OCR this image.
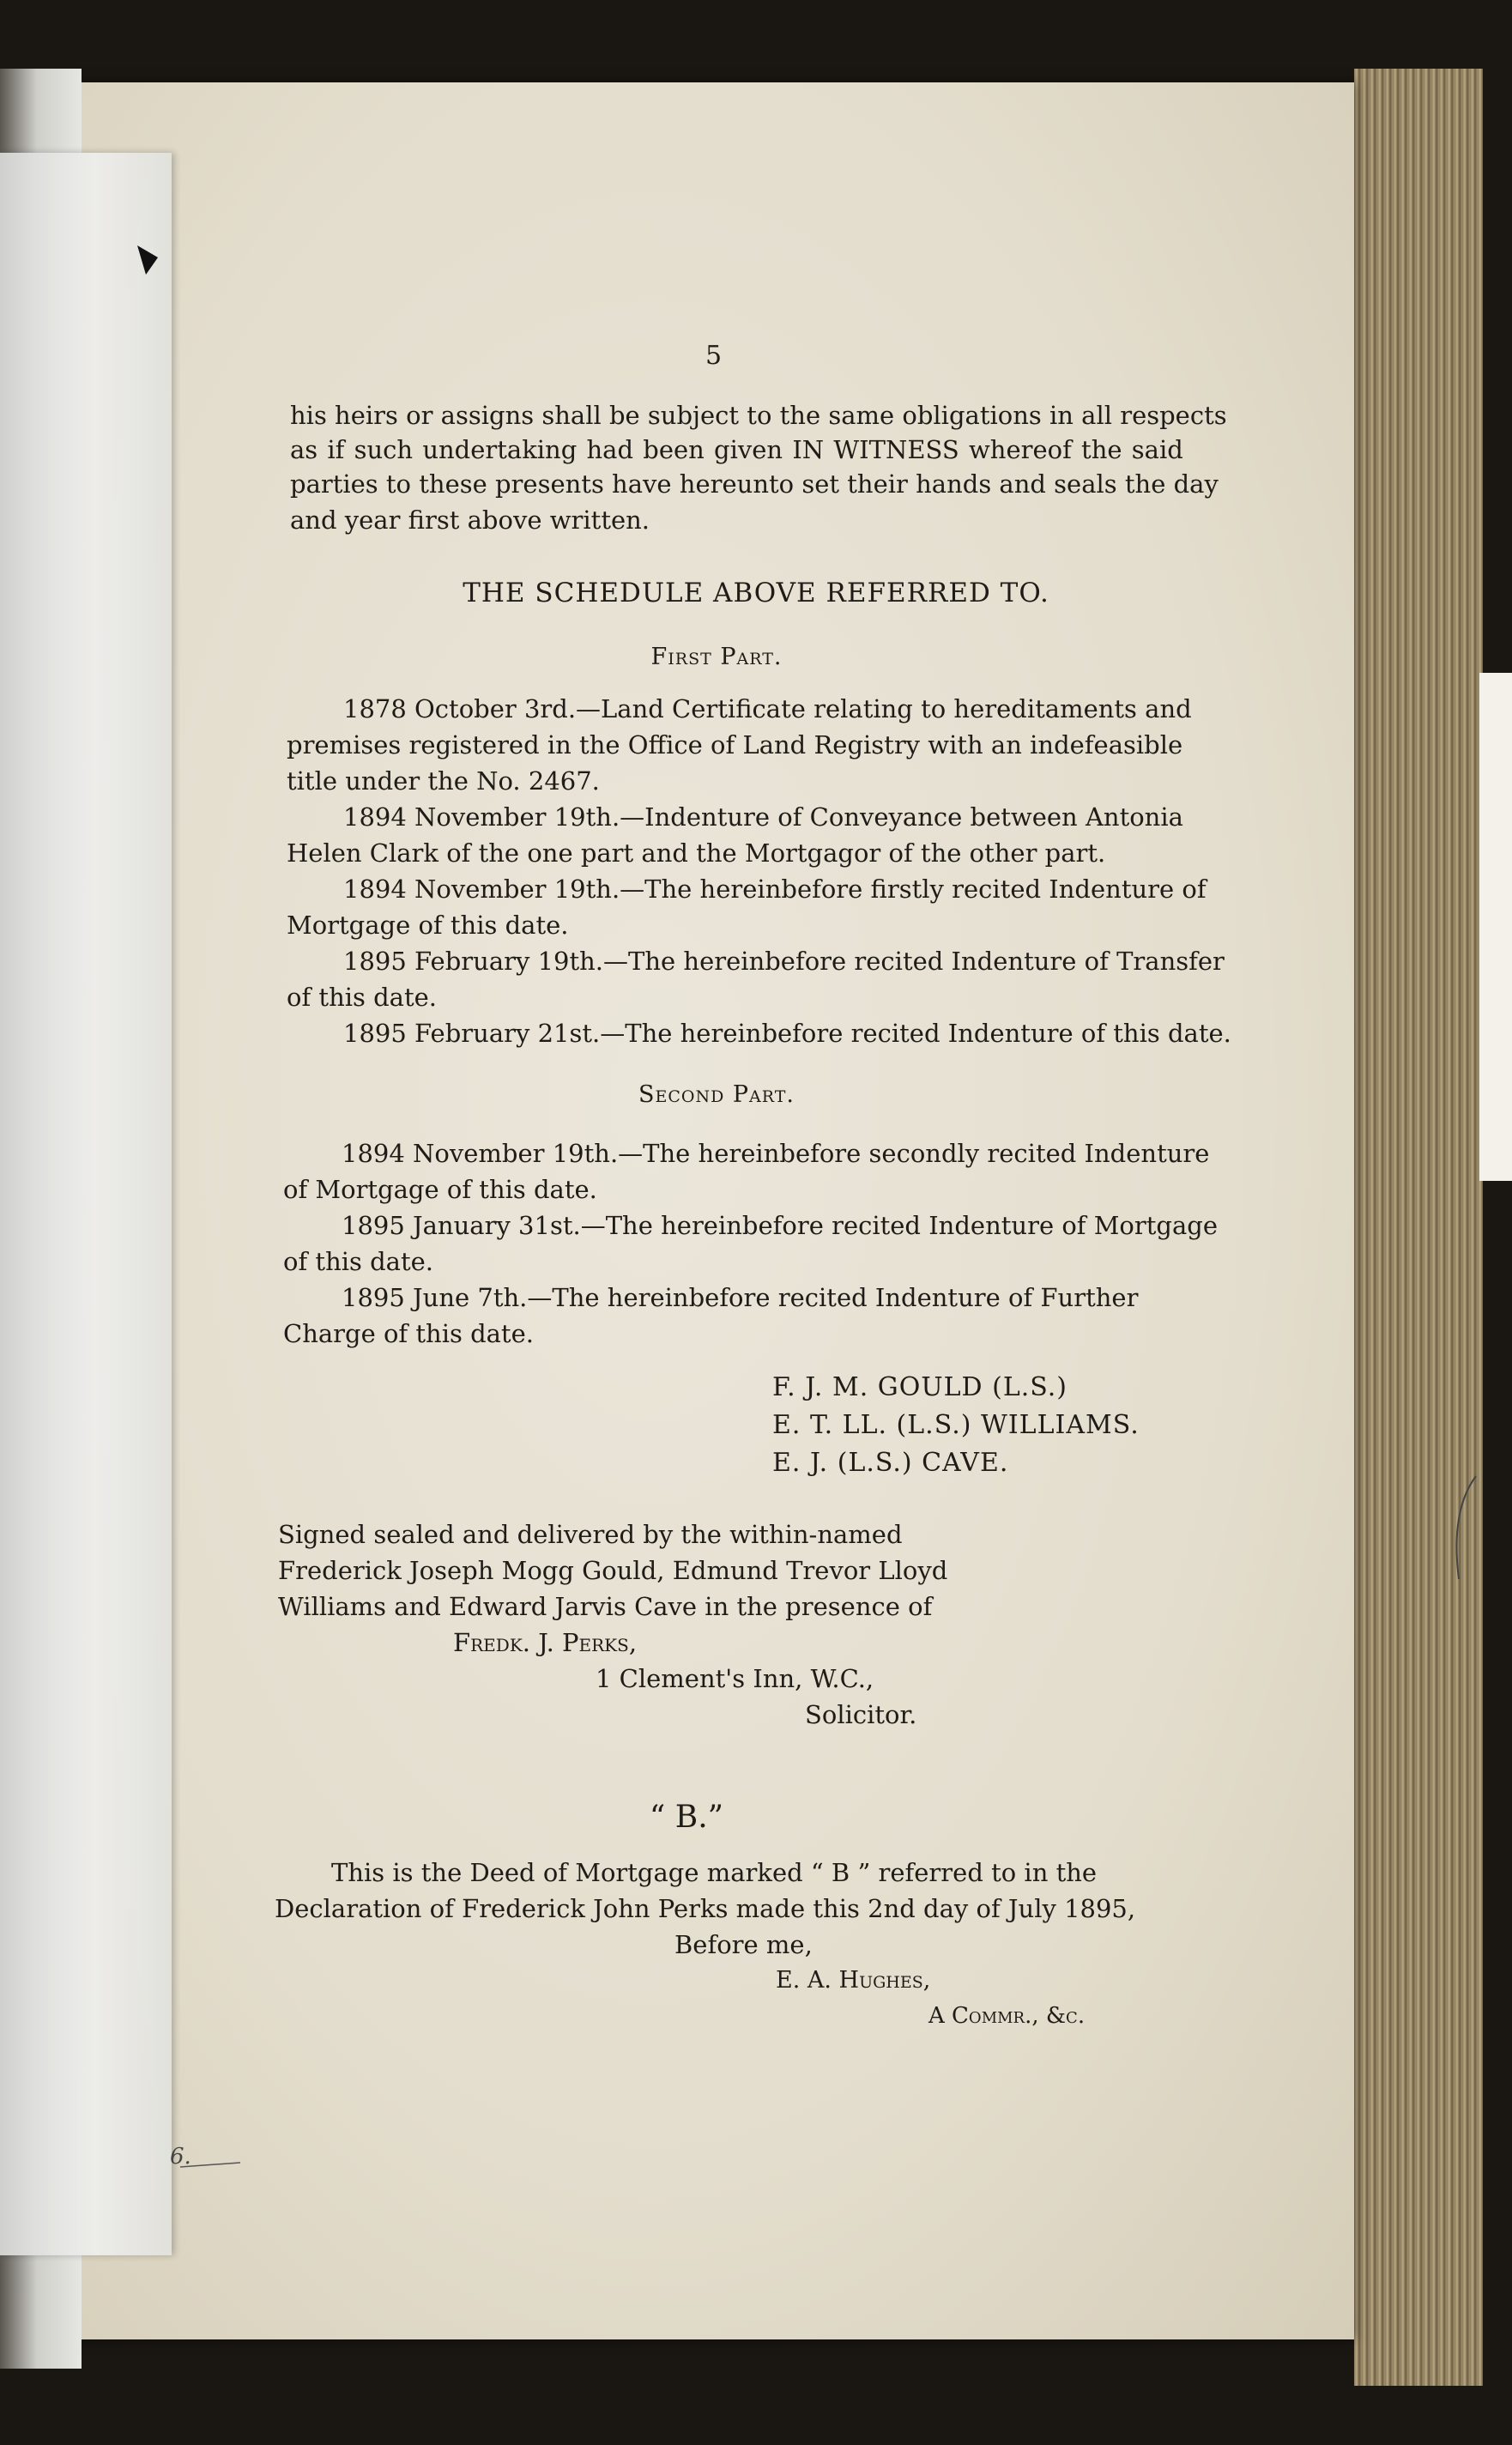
5

his heirs or assigns shall be subject to the same obligations in all respects

as if such undertaking had been given IN WITNESS whereof the said

parties to these presents have hereunto set their hands and seals the day

and year first above written.

THE SCHEDULE ABOVE REFERRED TO.

First Part.

1878 October 3rd.—Land Certificate relating to hereditaments and

premises registered in the Office of Land Registry with an indefeasible

title under the No. 2467.

1894 November 19th.—Indenture of Conveyance between Antonia

Helen Clark of the one part and the Mortgagor of the other part.

1894 November 19th.—The hereinbefore firstly recited Indenture of

Mortgage of this date.

1895 February 19th.—The hereinbefore recited Indenture of Transfer

of this date.

1895 February 21st.—The hereinbefore recited Indenture of this date.

Second Part.

1894 November 19th.—The hereinbefore secondly recited Indenture

of Mortgage of this date.

1895 January 31st.—The hereinbefore recited Indenture of Mortgage

of this date.

1895 June 7th.—The hereinbefore recited Indenture of Further

Charge of this date.

F. J. M. GOULD (L.S.)

E. T. LL. (L.S.) WILLIAMS.

E. J. (L.S.) CAVE.

Signed sealed and delivered by the within-named

Frederick Joseph Mogg Gould, Edmund Trevor Lloyd

Williams and Edward Jarvis Cave in the presence of

Fredk. J. Perks,

1 Clement's Inn, W.C.,

Solicitor.

“ B.”

This is the Deed of Mortgage marked “ B ” referred to in the

Declaration of Frederick John Perks made this 2nd day of July 1895,

Before me,

E. A. Hughes,

A Commr., &c.

6.
